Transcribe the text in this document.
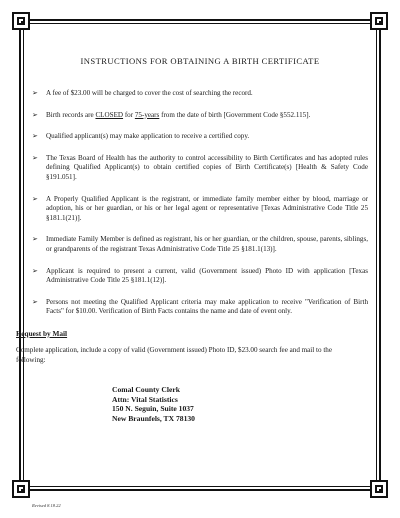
INSTRUCTIONS FOR OBTAINING A BIRTH CERTIFICATE
➢ A fee of $23.00 will be charged to cover the cost of searching the record.
➢ Birth records are CLOSED for 75-years from the date of birth [Government Code §552.115].
➢ Qualified applicant(s) may make application to receive a certified copy.
➢ The Texas Board of Health has the authority to control accessibility to Birth Certificates and has adopted rules defining Qualified Applicant(s) to obtain certified copies of Birth Certificate(s) [Health & Safety Code §191.051].
➢ A Properly Qualified Applicant is the registrant, or immediate family member either by blood, marriage or adoption, his or her guardian, or his or her legal agent or representative [Texas Administrative Code Title 25 §181.1(21)].
➢ Immediate Family Member is defined as registrant, his or her guardian, or the children, spouse, parents, siblings, or grandparents of the registrant Texas Administrative Code Title 25 §181.1(13)].
➢ Applicant is required to present a current, valid (Government issued) Photo ID with application [Texas Administrative Code Title 25 §181.1(12)].
➢ Persons not meeting the Qualified Applicant criteria may make application to receive "Verification of Birth Facts" for $10.00. Verification of Birth Facts contains the name and date of event only.
Request by Mail
Complete application, include a copy of valid (Government issued) Photo ID, $23.00 search fee and mail to the following:
Comal County Clerk
Attn: Vital Statistics
150 N. Seguin, Suite 1037
New Braunfels, TX 78130
Revised 8.18.22
